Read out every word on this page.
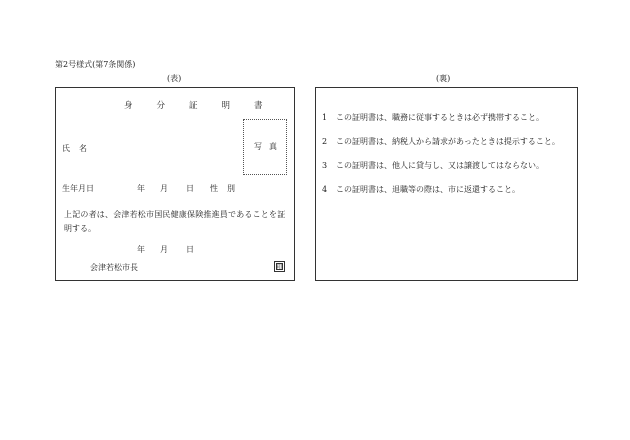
第2号様式(第7条関係)
(表)	(裏)
身分証明書
写真
氏名
生年月日	年 月 日 性別
上記の者は、会津若松市国民健康保険推進員であることを証
明する。
年 月 日
会津若松市長	印
1 この証明書は、職務に従事するときは必ず携帯すること。
2 この証明書は、納税人から請求があったときは提示すること。
3 この証明書は、他人に貸与し、又は譲渡してはならない。
4 この証明書は、退職等の際は、市に返還すること。
